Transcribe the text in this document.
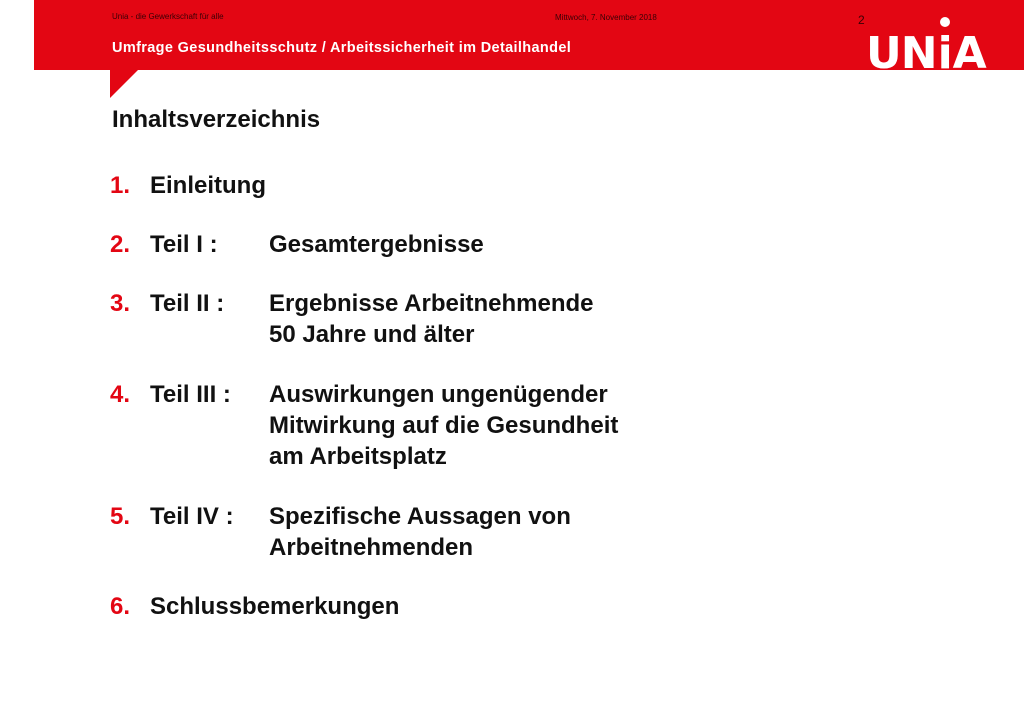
Unia - die Gewerkschaft für alle	Mittwoch, 7. November 2018	2
Umfrage Gesundheitsschutz / Arbeitssicherheit im Detailhandel	UN i A
Inhaltsverzeichnis
1. Einleitung
2. Teil I : Gesamtergebnisse
3. Teil II : Ergebnisse Arbeitnehmende
50 Jahre und älter
4. Teil III : Auswirkungen ungenügender
Mitwirkung auf die Gesundheit
am Arbeitsplatz
5. Teil IV : Spezifische Aussagen von
Arbeitnehmenden
6. Schlussbemerkungen
